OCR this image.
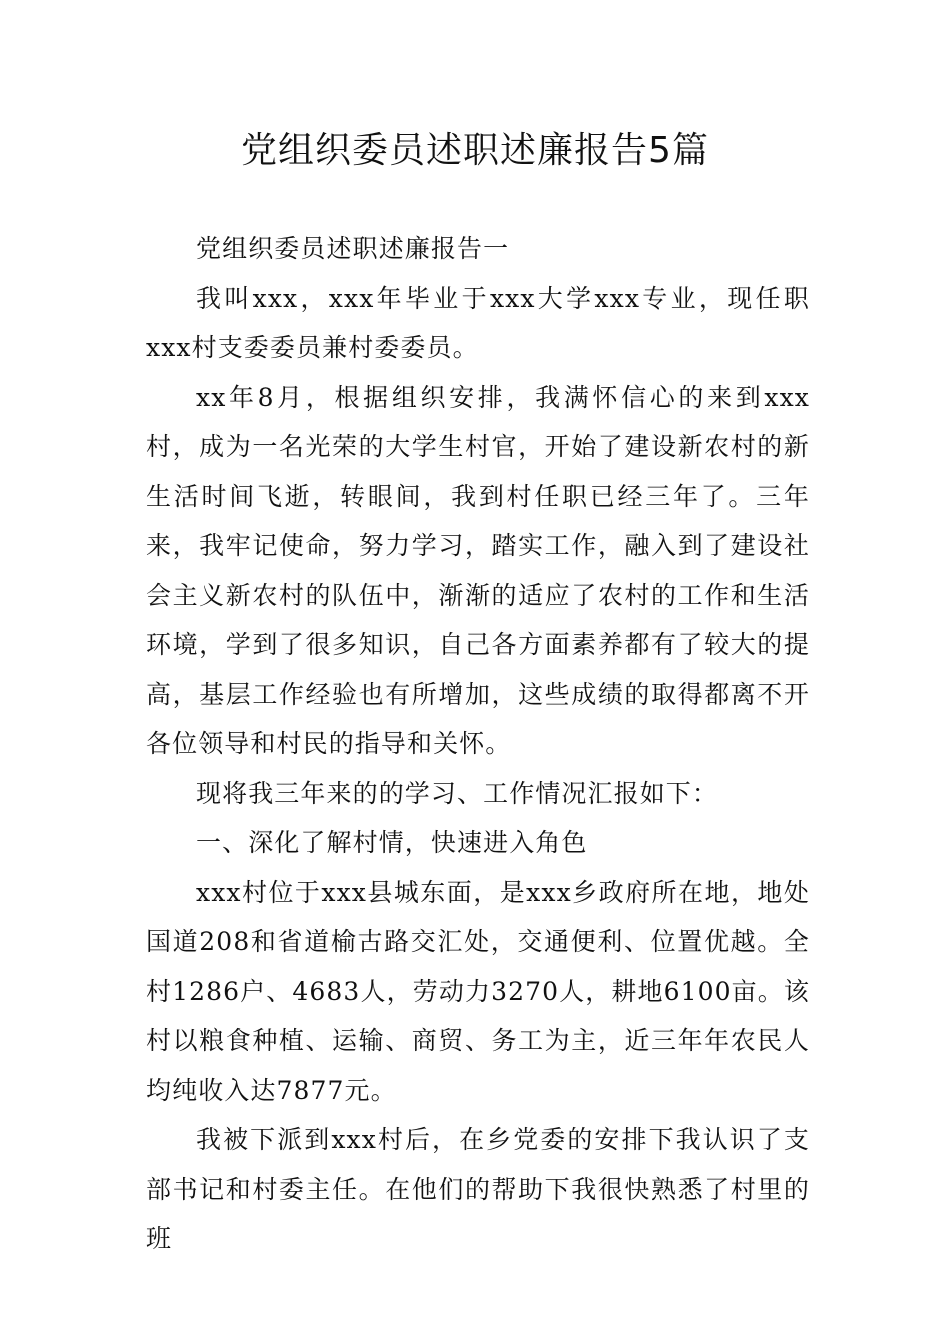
党组织委员述职述廉报告5篇

党组织委员述职述廉报告一

我叫xxx，xxx年毕业于xxx大学xxx专业，现任职xxx村支委委员兼村委委员。

xx年8月，根据组织安排，我满怀信心的来到xxx村，成为一名光荣的大学生村官，开始了建设新农村的新生活时间飞逝，转眼间，我到村任职已经三年了。三年来，我牢记使命，努力学习，踏实工作，融入到了建设社会主义新农村的队伍中，渐渐的适应了农村的工作和生活环境，学到了很多知识，自己各方面素养都有了较大的提高，基层工作经验也有所增加，这些成绩的取得都离不开各位领导和村民的指导和关怀。

现将我三年来的的学习、工作情况汇报如下：

一、深化了解村情，快速进入角色

xxx村位于xxx县城东面，是xxx乡政府所在地，地处国道208和省道榆古路交汇处，交通便利、位置优越。全村1286户、4683人，劳动力3270人，耕地6100亩。该村以粮食种植、运输、商贸、务工为主，近三年年农民人均纯收入达7877元。

我被下派到xxx村后，在乡党委的安排下我认识了支部书记和村委主任。在他们的帮助下我很快熟悉了村里的班
